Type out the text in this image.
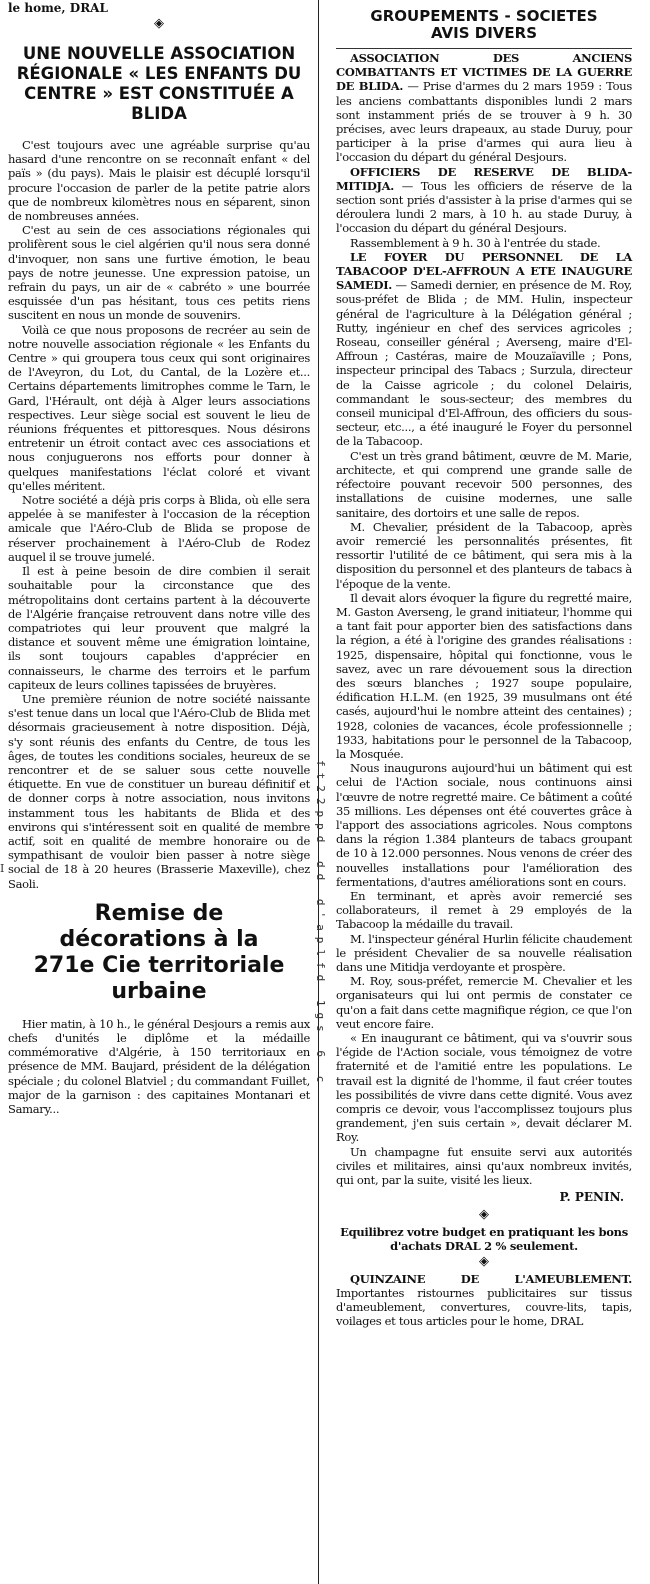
ft22ppd dd d'aplfd 1gs 6 c
I

le home, DRAL

◈
UNE NOUVELLE ASSOCIATION RÉGIONALE « LES ENFANTS DU CENTRE » EST CONSTITUÉE A BLIDA

C'est toujours avec une agréable surprise qu'au hasard d'une rencontre on se reconnaît enfant « del païs » (du pays). Mais le plaisir est décuplé lorsqu'il procure l'occasion de parler de la petite patrie alors que de nombreux kilomètres nous en séparent, sinon de nombreuses années.

C'est au sein de ces associations régionales qui prolifèrent sous le ciel algérien qu'il nous sera donné d'invoquer, non sans une furtive émotion, le beau pays de notre jeunesse. Une expression patoise, un refrain du pays, un air de « cabréto » une bourrée esquissée d'un pas hésitant, tous ces petits riens suscitent en nous un monde de souvenirs.

Voilà ce que nous proposons de recréer au sein de notre nouvelle association régionale « les Enfants du Centre » qui groupera tous ceux qui sont originaires de l'Aveyron, du Lot, du Cantal, de la Lozère et... Certains départements limitrophes comme le Tarn, le Gard, l'Hérault, ont déjà à Alger leurs associations respectives. Leur siège social est souvent le lieu de réunions fréquentes et pittoresques. Nous désirons entretenir un étroit contact avec ces associations et nous conjuguerons nos efforts pour donner à quelques manifestations l'éclat coloré et vivant qu'elles méritent.

Notre société a déjà pris corps à Blida, où elle sera appelée à se manifester à l'occasion de la réception amicale que l'Aéro-Club de Blida se propose de réserver prochainement à l'Aéro-Club de Rodez auquel il se trouve jumelé.

Il est à peine besoin de dire combien il serait souhaitable pour la circonstance que des métropolitains dont certains partent à la découverte de l'Algérie française retrouvent dans notre ville des compatriotes qui leur prouvent que malgré la distance et souvent même une émigration lointaine, ils sont toujours capables d'apprécier en connaisseurs, le charme des terroirs et le parfum capiteux de leurs collines tapissées de bruyères.

Une première réunion de notre société naissante s'est tenue dans un local que l'Aéro-Club de Blida met désormais gracieusement à notre disposition. Déjà, s'y sont réunis des enfants du Centre, de tous les âges, de toutes les conditions sociales, heureux de se rencontrer et de se saluer sous cette nouvelle étiquette. En vue de constituer un bureau définitif et de donner corps à notre association, nous invitons instamment tous les habitants de Blida et des environs qui s'intéressent soit en qualité de membre actif, soit en qualité de membre honoraire ou de sympathisant de vouloir bien passer à notre siège social de 18 à 20 heures (Brasserie Maxeville), chez Saoli.

Remise de décorations à la 271e Cie territoriale urbaine

Hier matin, à 10 h., le général Desjours a remis aux chefs d'unités le diplôme et la médaille commémorative d'Algérie, à 150 territoriaux en présence de MM. Baujard, président de la délégation spéciale ; du colonel Blatviel ; du commandant Fuillet, major de la garnison : des capitaines Montanari et Samary...

GROUPEMENTS - SOCIETES AVIS DIVERS

ASSOCIATION DES ANCIENS COMBATTANTS ET VICTIMES DE LA GUERRE DE BLIDA. — Prise d'armes du 2 mars 1959 : Tous les anciens combattants disponibles lundi 2 mars sont instamment priés de se trouver à 9 h. 30 précises, avec leurs drapeaux, au stade Duruy, pour participer à la prise d'armes qui aura lieu à l'occasion du départ du général Desjours.

OFFICIERS DE RESERVE DE BLIDA-MITIDJA. — Tous les officiers de réserve de la section sont priés d'assister à la prise d'armes qui se déroulera lundi 2 mars, à 10 h. au stade Duruy, à l'occasion du départ du général Desjours.

Rassemblement à 9 h. 30 à l'entrée du stade.

LE FOYER DU PERSONNEL DE LA TABACOOP D'EL-AFFROUN A ETE INAUGURE SAMEDI. — Samedi dernier, en présence de M. Roy, sous-préfet de Blida ; de MM. Hulin, inspecteur général de l'agriculture à la Délégation général ; Rutty, ingénieur en chef des services agricoles ; Roseau, conseiller général ; Averseng, maire d'El-Affroun ; Castéras, maire de Mouzaïaville ; Pons, inspecteur principal des Tabacs ; Surzula, directeur de la Caisse agricole ; du colonel Delairis, commandant le sous-secteur; des membres du conseil municipal d'El-Affroun, des officiers du sous-secteur, etc..., a été inauguré le Foyer du personnel de la Tabacoop.

C'est un très grand bâtiment, œuvre de M. Marie, architecte, et qui comprend une grande salle de réfectoire pouvant recevoir 500 personnes, des installations de cuisine modernes, une salle sanitaire, des dortoirs et une salle de repos.

M. Chevalier, président de la Tabacoop, après avoir remercié les personnalités présentes, fit ressortir l'utilité de ce bâtiment, qui sera mis à la disposition du personnel et des planteurs de tabacs à l'époque de la vente.

Il devait alors évoquer la figure du regretté maire, M. Gaston Averseng, le grand initiateur, l'homme qui a tant fait pour apporter bien des satisfactions dans la région, a été à l'origine des grandes réalisations : 1925, dispensaire, hôpital qui fonctionne, vous le savez, avec un rare dévouement sous la direction des sœurs blanches ; 1927 soupe populaire, édification H.L.M. (en 1925, 39 musulmans ont été casés, aujourd'hui le nombre atteint des centaines) ; 1928, colonies de vacances, école professionnelle ; 1933, habitations pour le personnel de la Tabacoop, la Mosquée.

Nous inaugurons aujourd'hui un bâtiment qui est celui de l'Action sociale, nous continuons ainsi l'œuvre de notre regretté maire. Ce bâtiment a coûté 35 millions. Les dépenses ont été couvertes grâce à l'apport des associations agricoles. Nous comptons dans la région 1.384 planteurs de tabacs groupant de 10 à 12.000 personnes. Nous venons de créer des nouvelles installations pour l'amélioration des fermentations, d'autres améliorations sont en cours.

En terminant, et après avoir remercié ses collaborateurs, il remet à 29 employés de la Tabacoop la médaille du travail.

M. l'inspecteur général Hurlin félicite chaudement le président Chevalier de sa nouvelle réalisation dans une Mitidja verdoyante et prospère.

M. Roy, sous-préfet, remercie M. Chevalier et les organisateurs qui lui ont permis de constater ce qu'on a fait dans cette magnifique région, ce que l'on veut encore faire.

« En inaugurant ce bâtiment, qui va s'ouvrir sous l'égide de l'Action sociale, vous témoignez de votre fraternité et de l'amitié entre les populations. Le travail est la dignité de l'homme, il faut créer toutes les possibilités de vivre dans cette dignité. Vous avez compris ce devoir, vous l'accomplissez toujours plus grandement, j'en suis certain », devait déclarer M. Roy.

Un champagne fut ensuite servi aux autorités civiles et militaires, ainsi qu'aux nombreux invités, qui ont, par la suite, visité les lieux.

P. PENIN.
◈

Equilibrez votre budget en pratiquant les bons d'achats DRAL 2 % seulement.

◈

QUINZAINE DE L'AMEUBLEMENT. Importantes ristournes publicitaires sur tissus d'ameublement, convertures, couvre-lits, tapis, voilages et tous articles pour le home, DRAL
